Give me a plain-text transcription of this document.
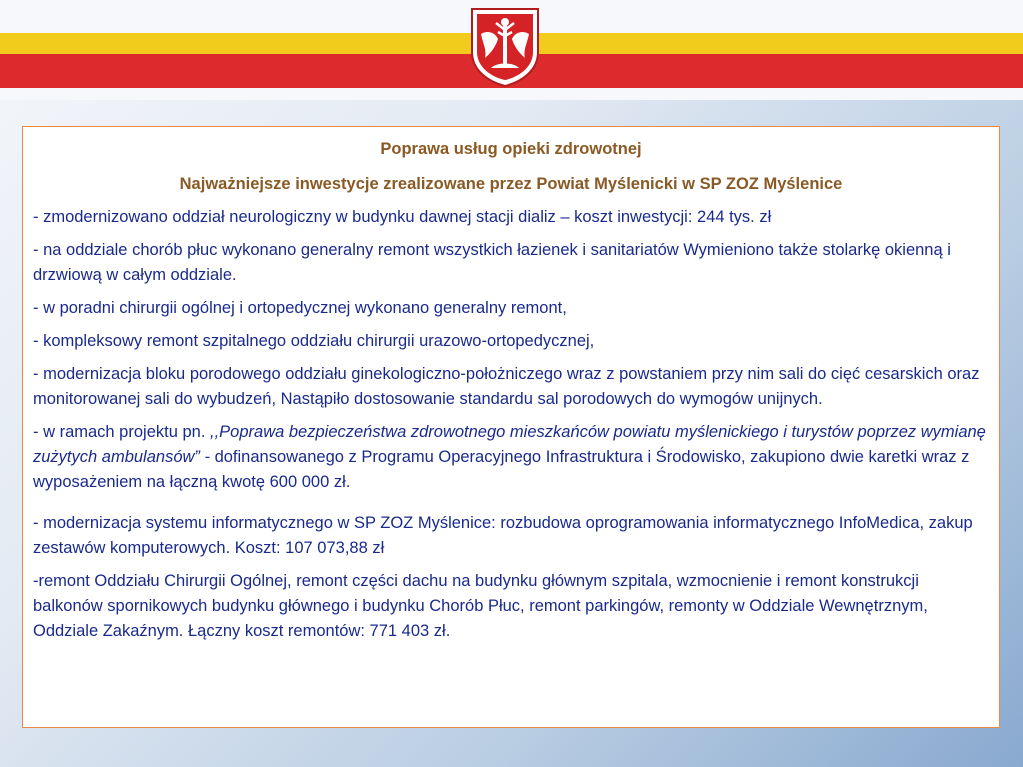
Poprawa usług opieki zdrowotnej

Najważniejsze inwestycje zrealizowane przez Powiat Myślenicki w SP ZOZ Myślenice

- zmodernizowano oddział neurologiczny w budynku dawnej stacji dializ – koszt inwestycji: 244 tys. zł

- na oddziale chorób płuc wykonano generalny remont wszystkich łazienek i sanitariatów Wymieniono także stolarkę okienną i drzwiową w całym oddziale.

- w poradni chirurgii ogólnej i ortopedycznej wykonano generalny remont,

- kompleksowy remont szpitalnego oddziału chirurgii urazowo-ortopedycznej,

- modernizacja bloku porodowego oddziału ginekologiczno-położniczego wraz z powstaniem przy nim sali do cięć cesarskich oraz monitorowanej sali do wybudzeń, Nastąpiło dostosowanie standardu sal porodowych do wymogów unijnych.

- w ramach projektu pn. ,,Poprawa bezpieczeństwa zdrowotnego mieszkańców powiatu myślenickiego i turystów poprzez wymianę zużytych ambulansów” - dofinansowanego z Programu Operacyjnego Infrastruktura i Środowisko, zakupiono dwie karetki wraz z wyposażeniem na łączną kwotę 600 000 zł.

- modernizacja systemu informatycznego w SP ZOZ Myślenice: rozbudowa oprogramowania informatycznego InfoMedica, zakup zestawów komputerowych. Koszt: 107 073,88 zł

-remont Oddziału Chirurgii Ogólnej, remont części dachu na budynku głównym szpitala, wzmocnienie i remont konstrukcji balkonów spornikowych budynku głównego i budynku Chorób Płuc, remont parkingów, remonty w Oddziale Wewnętrznym, Oddziale Zakaźnym. Łączny koszt remontów: 771 403 zł.
